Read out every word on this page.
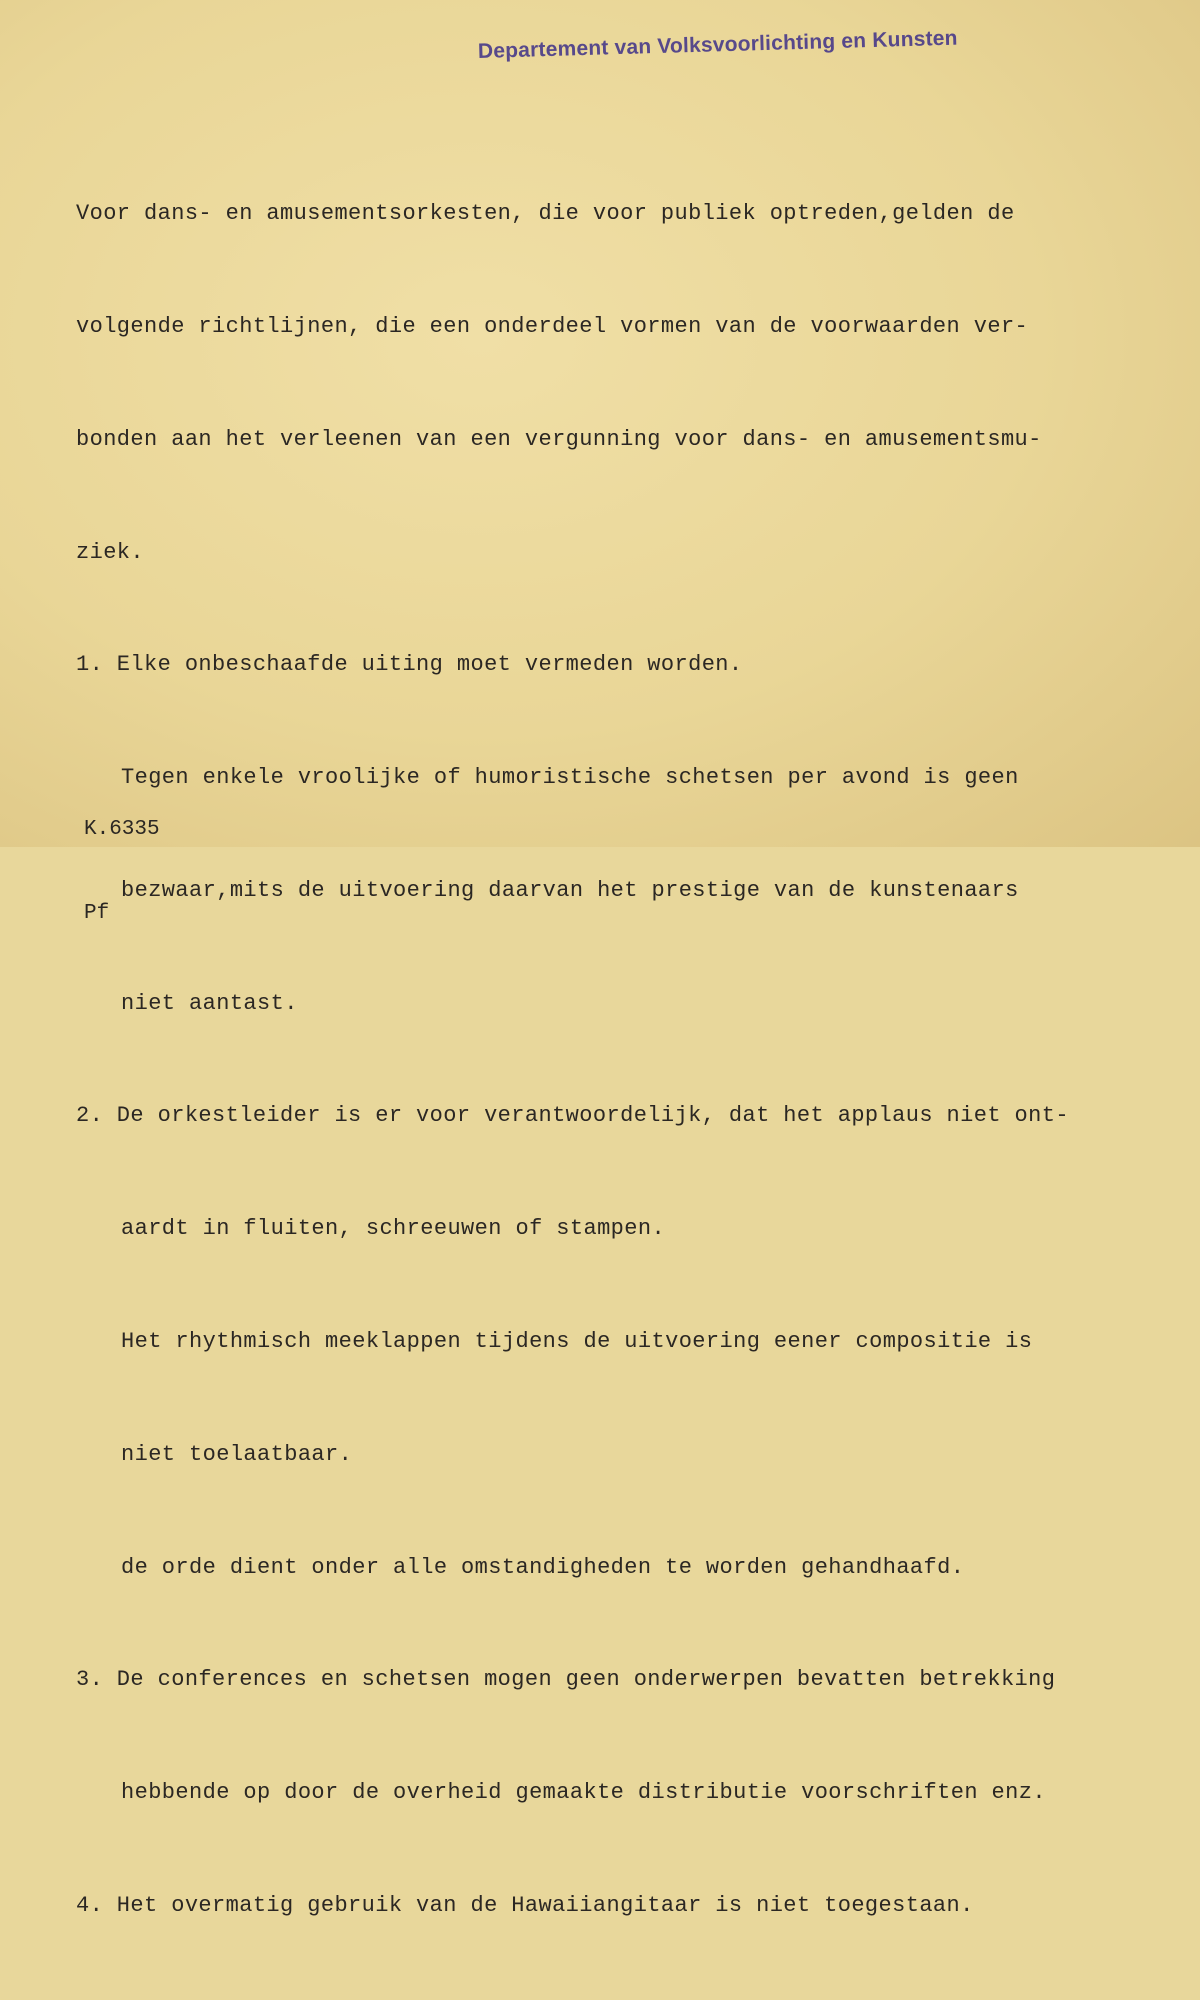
Departement van Volksvoorlichting en Kunsten

Voor dans- en amusementsorkesten, die voor publiek optreden,gelden de

volgende richtlijnen, die een onderdeel vormen van de voorwaarden ver-

bonden aan het verleenen van een vergunning voor dans- en amusementsmu-

ziek.

1. Elke onbeschaafde uiting moet vermeden worden.

Tegen enkele vroolijke of humoristische schetsen per avond is geen

bezwaar,mits de uitvoering daarvan het prestige van de kunstenaars

niet aantast.

2. De orkestleider is er voor verantwoordelijk, dat het applaus niet ont-

aardt in fluiten, schreeuwen of stampen.

Het rhythmisch meeklappen tijdens de uitvoering eener compositie is

niet toelaatbaar.

de orde dient onder alle omstandigheden te worden gehandhaafd.

3. De conferences en schetsen mogen geen onderwerpen bevatten betrekking

hebbende op door de overheid gemaakte distributie voorschriften enz.

4. Het overmatig gebruik van de Hawaiiangitaar is niet toegestaan.

K.6335

Pf
